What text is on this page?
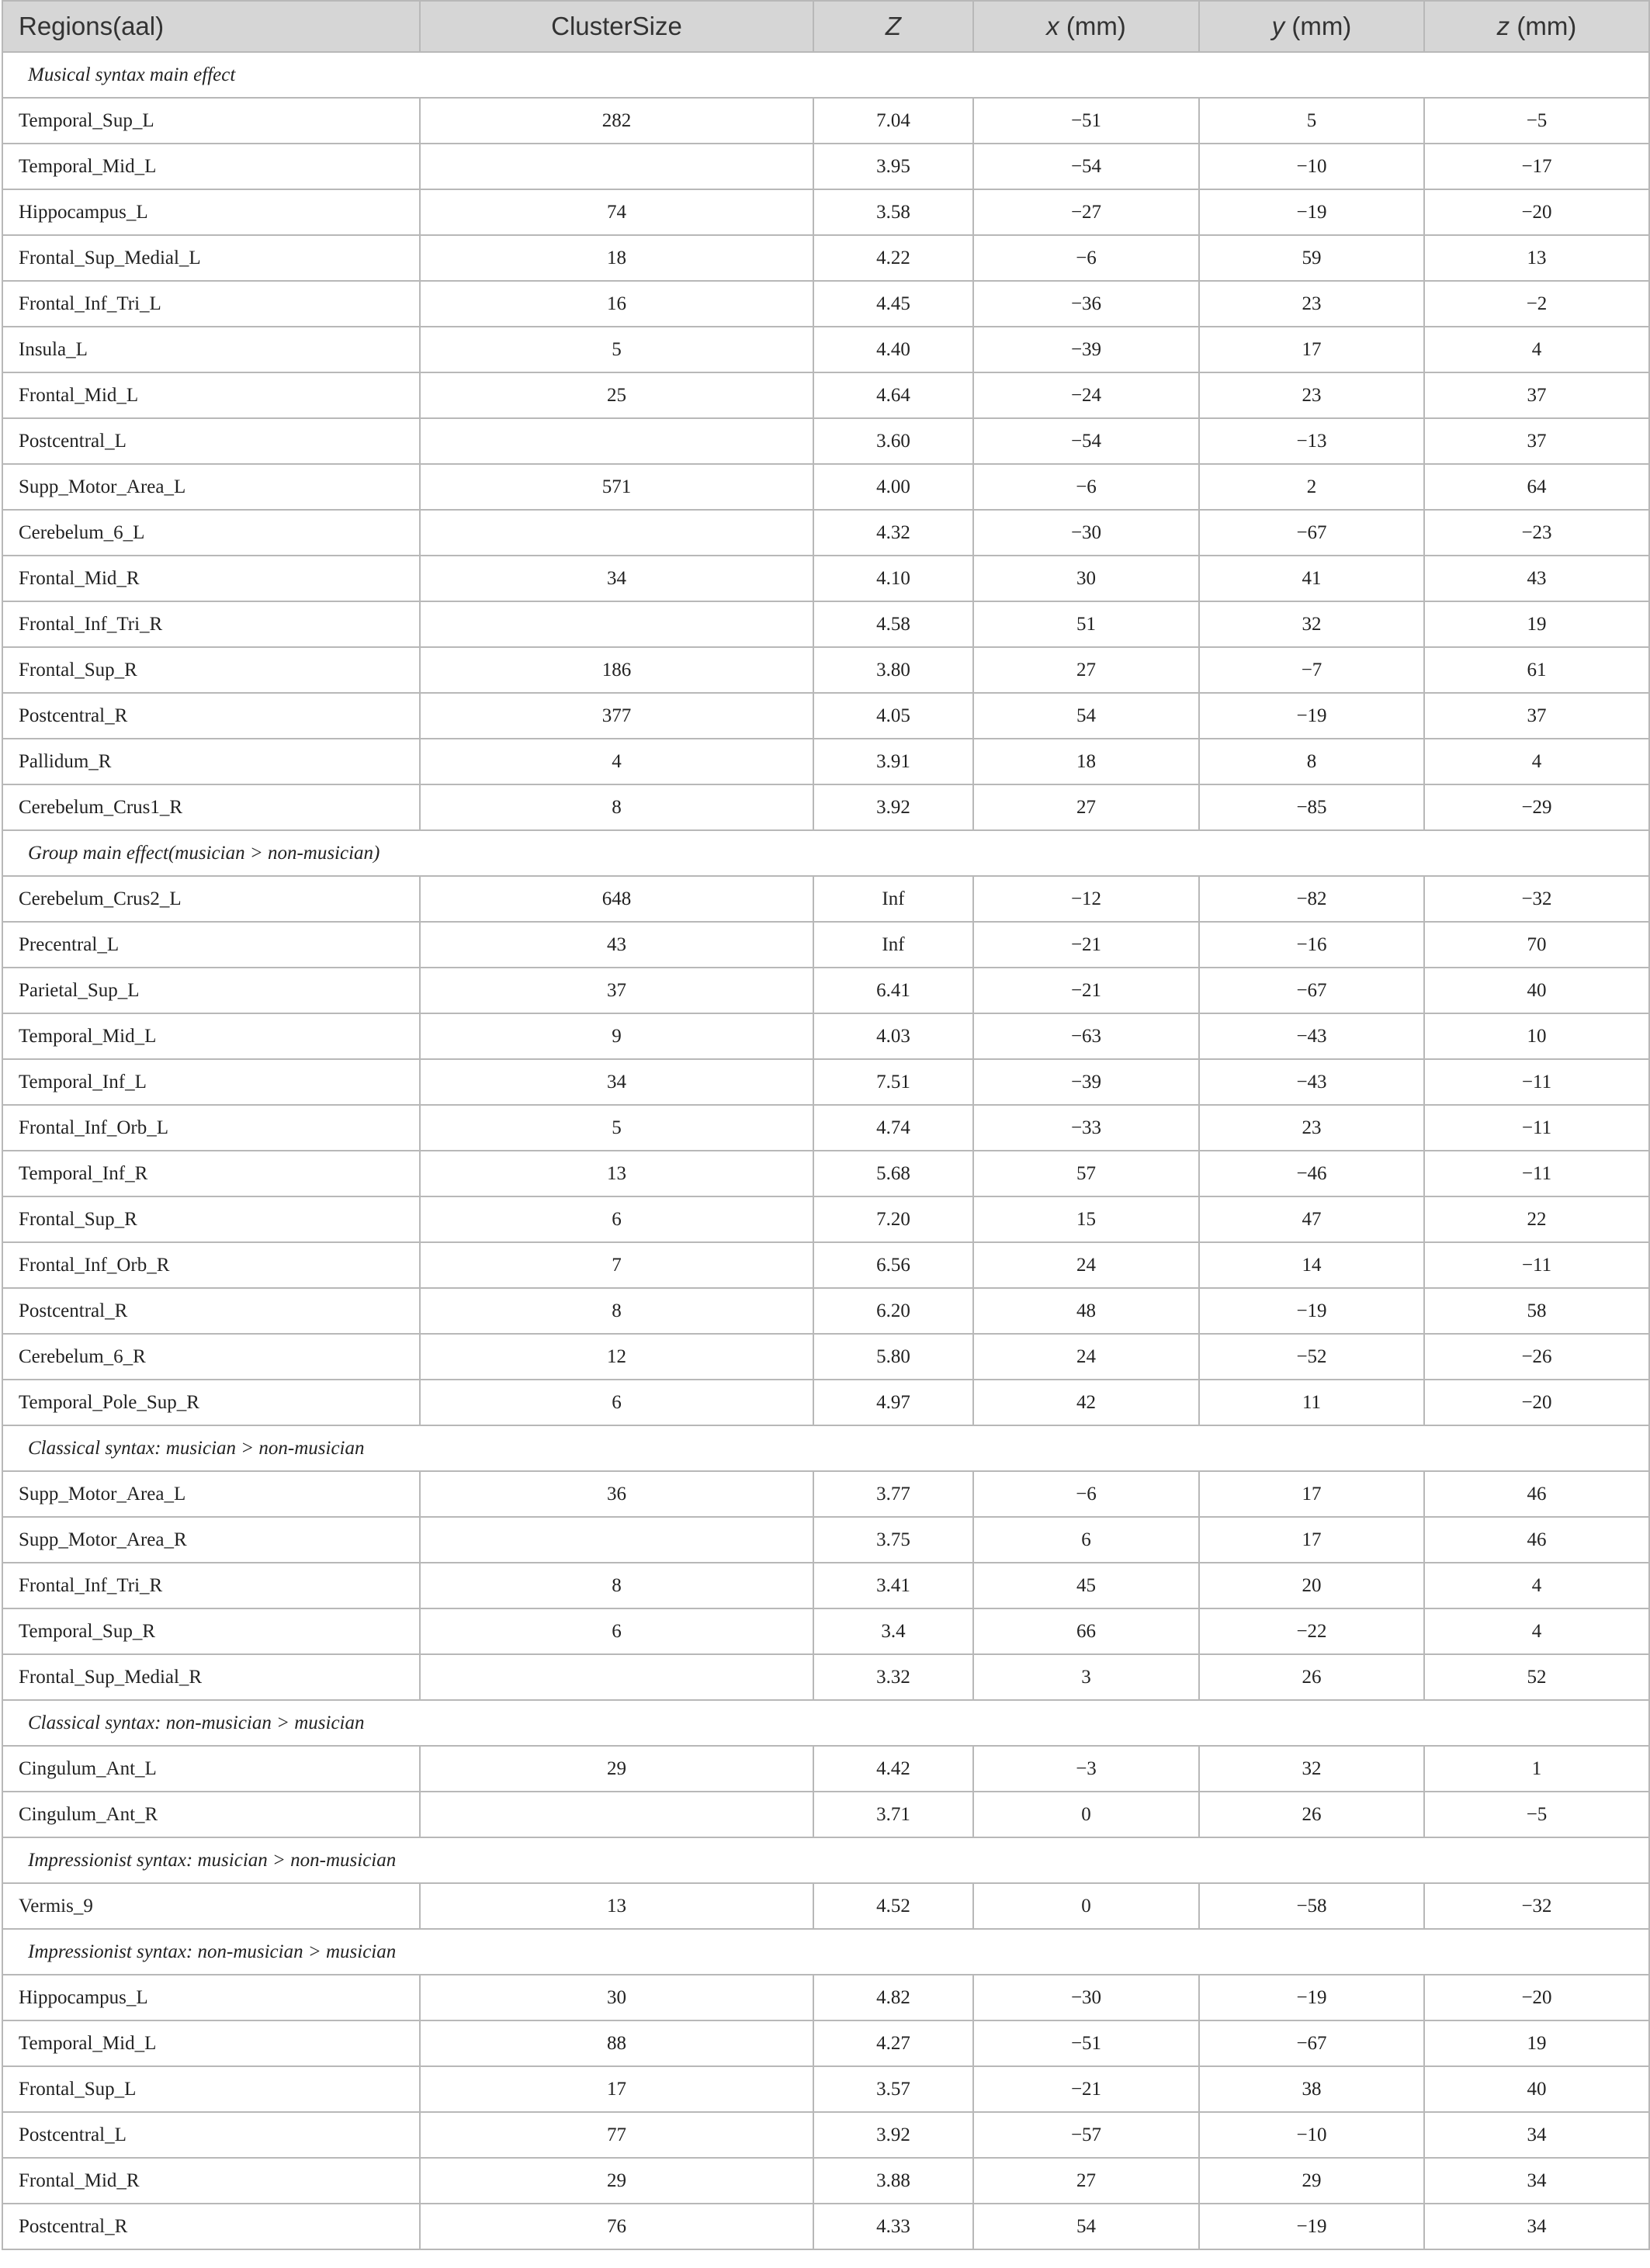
Regions(aal)	ClusterSize	Z	x (mm)	y (mm)	z (mm)
Musical syntax main effect					
Temporal_Sup_L	282	7.04	−51	5	−5
Temporal_Mid_L		3.95	−54	−10	−17
Hippocampus_L	74	3.58	−27	−19	−20
Frontal_Sup_Medial_L	18	4.22	−6	59	13
Frontal_Inf_Tri_L	16	4.45	−36	23	−2
Insula_L	5	4.40	−39	17	4
Frontal_Mid_L	25	4.64	−24	23	37
Postcentral_L		3.60	−54	−13	37
Supp_Motor_Area_L	571	4.00	−6	2	64
Cerebelum_6_L		4.32	−30	−67	−23
Frontal_Mid_R	34	4.10	30	41	43
Frontal_Inf_Tri_R		4.58	51	32	19
Frontal_Sup_R	186	3.80	27	−7	61
Postcentral_R	377	4.05	54	−19	37
Pallidum_R	4	3.91	18	8	4
Cerebelum_Crus1_R	8	3.92	27	−85	−29
Group main effect(musician > non-musician)					
Cerebelum_Crus2_L	648	Inf	−12	−82	−32
Precentral_L	43	Inf	−21	−16	70
Parietal_Sup_L	37	6.41	−21	−67	40
Temporal_Mid_L	9	4.03	−63	−43	10
Temporal_Inf_L	34	7.51	−39	−43	−11
Frontal_Inf_Orb_L	5	4.74	−33	23	−11
Temporal_Inf_R	13	5.68	57	−46	−11
Frontal_Sup_R	6	7.20	15	47	22
Frontal_Inf_Orb_R	7	6.56	24	14	−11
Postcentral_R	8	6.20	48	−19	58
Cerebelum_6_R	12	5.80	24	−52	−26
Temporal_Pole_Sup_R	6	4.97	42	11	−20
Classical syntax: musician > non-musician					
Supp_Motor_Area_L	36	3.77	−6	17	46
Supp_Motor_Area_R		3.75	6	17	46
Frontal_Inf_Tri_R	8	3.41	45	20	4
Temporal_Sup_R	6	3.4	66	−22	4
Frontal_Sup_Medial_R		3.32	3	26	52
Classical syntax: non-musician > musician					
Cingulum_Ant_L	29	4.42	−3	32	1
Cingulum_Ant_R		3.71	0	26	−5
Impressionist syntax: musician > non-musician					
Vermis_9	13	4.52	0	−58	−32
Impressionist syntax: non-musician > musician					
Hippocampus_L	30	4.82	−30	−19	−20
Temporal_Mid_L	88	4.27	−51	−67	19
Frontal_Sup_L	17	3.57	−21	38	40
Postcentral_L	77	3.92	−57	−10	34
Frontal_Mid_R	29	3.88	27	29	34
Postcentral_R	76	4.33	54	−19	34
